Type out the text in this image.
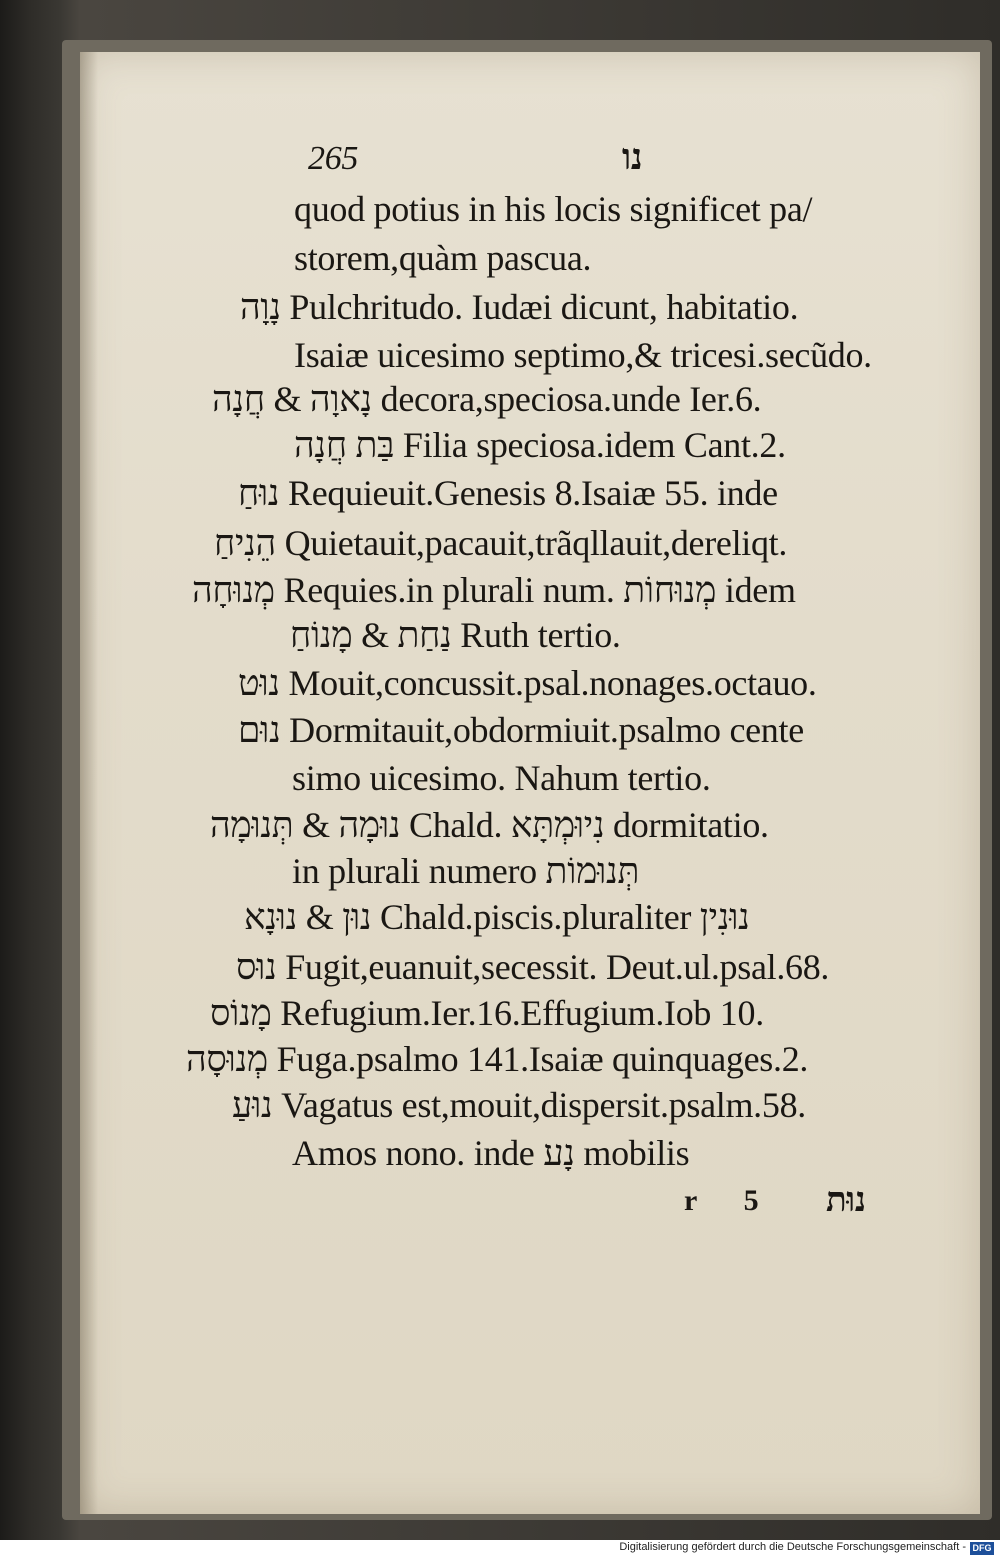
265	נו
quod potius in his locis significet pa/
storem,quàm pascua.
נָוָה Pulchritudo. Iudæi dicunt, habitatio.
Isaiæ uicesimo septimo,& tricesi.secũdo.
נָאוָה & חֲנָה decora,speciosa.unde Ier.6.
בַּת חֲנָה Filia speciosa.idem Cant.2.
נוּחַ Requieuit.Genesis 8.Isaiæ 55. inde
הֵנִיחַ Quietauit,pacauit,trãqllauit,dereliqt.
מְנוּחָה Requies.in plurali num. מְנוּחוֹת idem
נַחַת & מָנוֹחַ Ruth tertio.
נוּט Mouit,concussit.psal.nonages.octauo.
נוּם Dormitauit,obdormiuit.psalmo cente
simo uicesimo. Nahum tertio.
נוּמָה & תְּנוּמָה Chald. נִיוּמְתָּא dormitatio.
in plurali numero תְּנוּמוֹת
נוּן & נוּנָא Chald.piscis.pluraliter נוּנִין
נוּס Fugit,euanuit,secessit. Deut.ul.psal.68.
מָנוֹס Refugium.Ier.16.Effugium.Iob 10.
מְנוּסָה Fuga.psalmo 141.Isaiæ quinquages.2.
נוּעַ Vagatus est,mouit,dispersit.psalm.58.
Amos nono. inde נָע mobilis
r 5 נוּת
Digitalisierung gefördert durch die Deutsche Forschungsgemeinschaft - DFG
